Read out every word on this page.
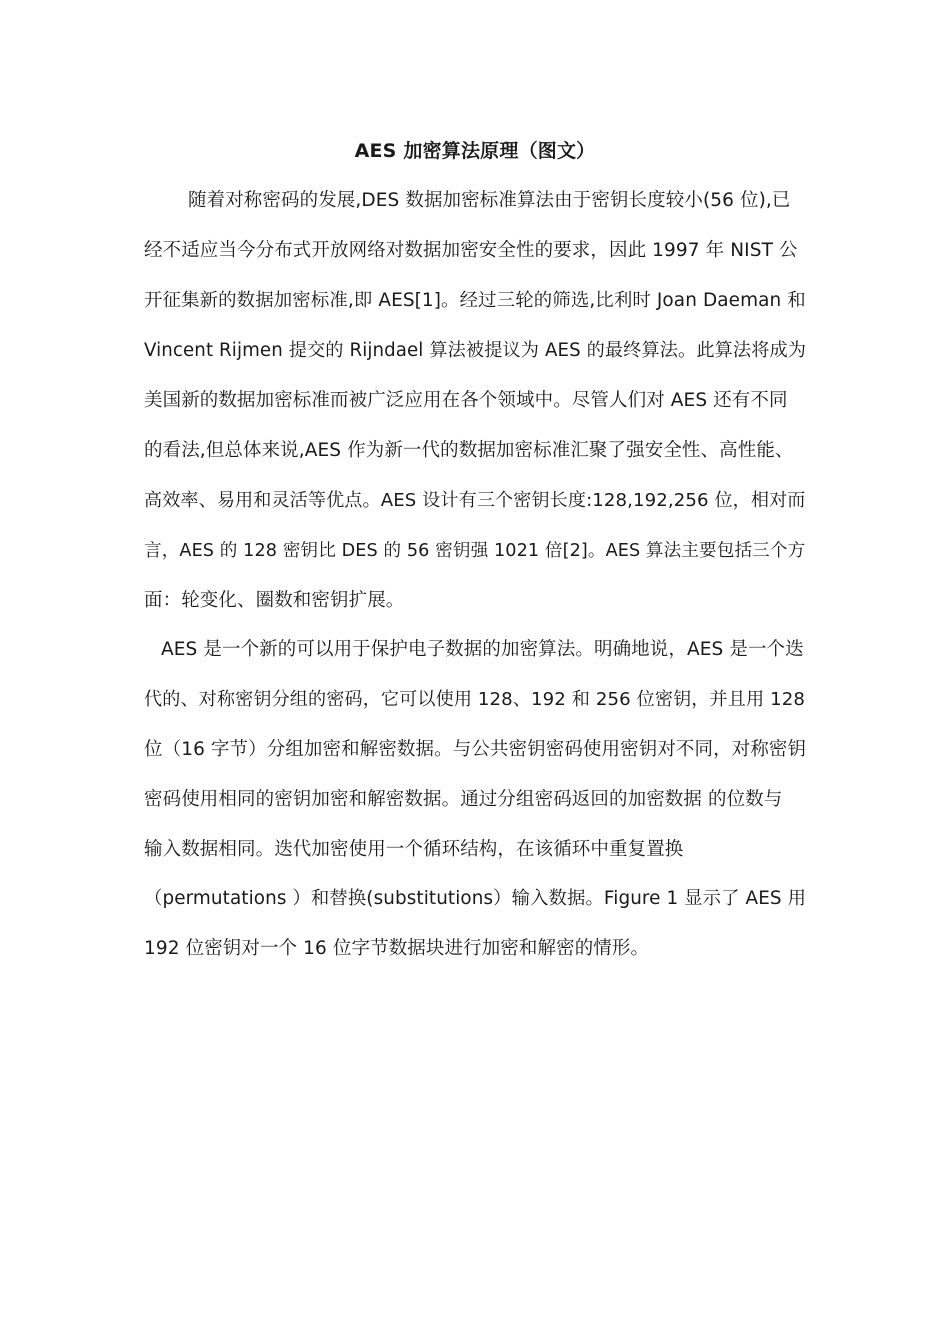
AES 加密算法原理（图文）
随着对称密码的发展,DES 数据加密标准算法由于密钥长度较小(56 位),已
经不适应当今分布式开放网络对数据加密安全性的要求，因此 1997 年 NIST 公
开征集新的数据加密标准,即 AES[1]。经过三轮的筛选,比利时 Joan Daeman 和
Vincent Rijmen 提交的 Rijndael 算法被提议为 AES 的最终算法。此算法将成为
美国新的数据加密标准而被广泛应用在各个领域中。尽管人们对 AES 还有不同
的看法,但总体来说,AES 作为新一代的数据加密标准汇聚了强安全性、高性能、
高效率、易用和灵活等优点。AES 设计有三个密钥长度:128,192,256 位，相对而
言，AES 的 128 密钥比 DES 的 56 密钥强 1021 倍[2]。AES 算法主要包括三个方
面：轮变化、圈数和密钥扩展。
AES 是一个新的可以用于保护电子数据的加密算法。明确地说，AES 是一个迭
代的、对称密钥分组的密码，它可以使用 128、192 和 256 位密钥，并且用 128
位（16 字节）分组加密和解密数据。与公共密钥密码使用密钥对不同，对称密钥
密码使用相同的密钥加密和解密数据。通过分组密码返回的加密数据 的位数与
输入数据相同。迭代加密使用一个循环结构，在该循环中重复置换
（permutations ）和替换(substitutions）输入数据。Figure 1 显示了 AES 用
192 位密钥对一个 16 位字节数据块进行加密和解密的情形。
